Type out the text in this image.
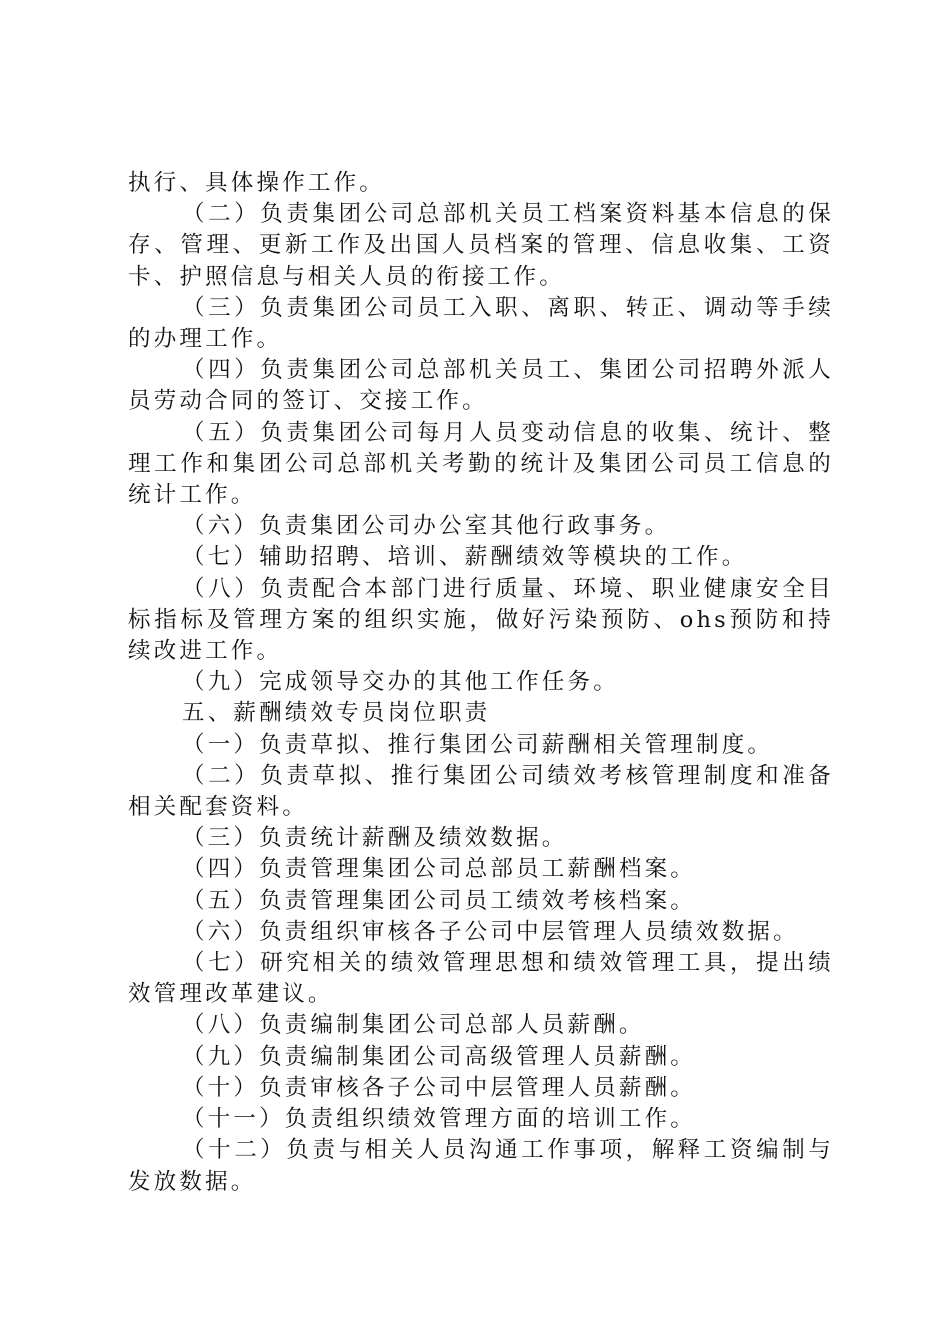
执行、具体操作工作。

（二）负责集团公司总部机关员工档案资料基本信息的保存、管理、更新工作及出国人员档案的管理、信息收集、工资卡、护照信息与相关人员的衔接工作。

（三）负责集团公司员工入职、离职、转正、调动等手续的办理工作。

（四）负责集团公司总部机关员工、集团公司招聘外派人员劳动合同的签订、交接工作。

（五）负责集团公司每月人员变动信息的收集、统计、整理工作和集团公司总部机关考勤的统计及集团公司员工信息的统计工作。

（六）负责集团公司办公室其他行政事务。

（七）辅助招聘、培训、薪酬绩效等模块的工作。

（八）负责配合本部门进行质量、环境、职业健康安全目标指标及管理方案的组织实施，做好污染预防、ohs预防和持续改进工作。

（九）完成领导交办的其他工作任务。

五、薪酬绩效专员岗位职责

（一）负责草拟、推行集团公司薪酬相关管理制度。

（二）负责草拟、推行集团公司绩效考核管理制度和准备相关配套资料。

（三）负责统计薪酬及绩效数据。

（四）负责管理集团公司总部员工薪酬档案。

（五）负责管理集团公司员工绩效考核档案。

（六）负责组织审核各子公司中层管理人员绩效数据。

（七）研究相关的绩效管理思想和绩效管理工具，提出绩效管理改革建议。

（八）负责编制集团公司总部人员薪酬。

（九）负责编制集团公司高级管理人员薪酬。

（十）负责审核各子公司中层管理人员薪酬。

（十一）负责组织绩效管理方面的培训工作。

（十二）负责与相关人员沟通工作事项，解释工资编制与发放数据。
